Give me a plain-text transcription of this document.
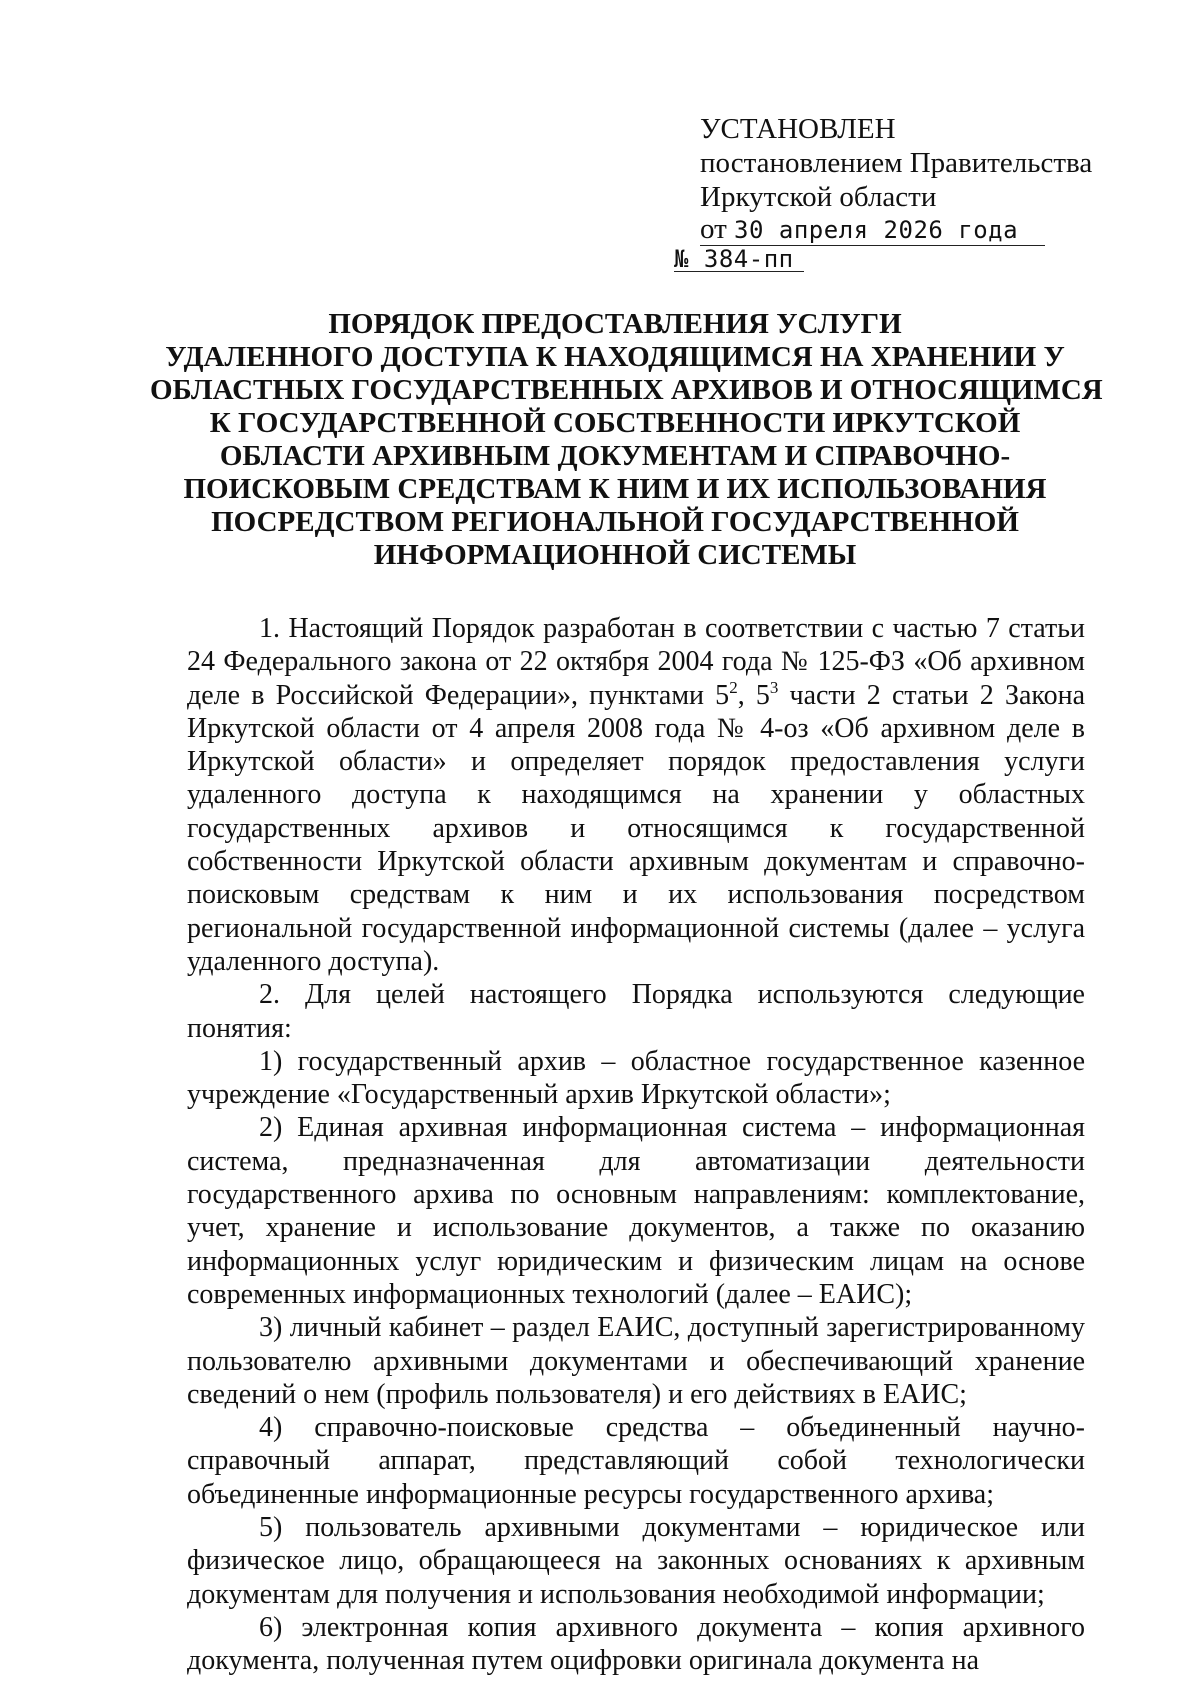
УСТАНОВЛЕН
постановлением Правительства
Иркутской области
от 30 апреля 2026 года
№ 384-пп
ПОРЯДОК ПРЕДОСТАВЛЕНИЯ УСЛУГИ
УДАЛЕННОГО ДОСТУПА К НАХОДЯЩИМСЯ НА ХРАНЕНИИ У
ОБЛАСТНЫХ ГОСУДАРСТВЕННЫХ АРХИВОВ И ОТНОСЯЩИМСЯ
К ГОСУДАРСТВЕННОЙ СОБСТВЕННОСТИ ИРКУТСКОЙ
ОБЛАСТИ АРХИВНЫМ ДОКУМЕНТАМ И СПРАВОЧНО-
ПОИСКОВЫМ СРЕДСТВАМ К НИМ И ИХ ИСПОЛЬЗОВАНИЯ
ПОСРЕДСТВОМ РЕГИОНАЛЬНОЙ ГОСУДАРСТВЕННОЙ
ИНФОРМАЦИОННОЙ СИСТЕМЫ

1. Настоящий Порядок разработан в соответствии с частью 7 статьи 24 Федерального закона от 22 октября 2004 года № 125-ФЗ «Об архивном деле в Российской Федерации», пунктами $5^2$, $5^3$ части 2 статьи 2 Закона Иркутской области от 4 апреля 2008 года № 4-оз «Об архивном деле в Иркутской области» и определяет порядок предоставления услуги удаленного доступа к находящимся на хранении у областных государственных архивов и относящимся к государственной собственности Иркутской области архивным документам и справочно-поисковым средствам к ним и их использования посредством региональной государственной информационной системы (далее – услуга удаленного доступа).

2. Для целей настоящего Порядка используются следующие понятия:

1) государственный архив – областное государственное казенное учреждение «Государственный архив Иркутской области»;

2) Единая архивная информационная система – информационная система, предназначенная для автоматизации деятельности государственного архива по основным направлениям: комплектование, учет, хранение и использование документов, а также по оказанию информационных услуг юридическим и физическим лицам на основе современных информационных технологий (далее – ЕАИС);

3) личный кабинет – раздел ЕАИС, доступный зарегистрированному пользователю архивными документами и обеспечивающий хранение сведений о нем (профиль пользователя) и его действиях в ЕАИС;

4) справочно-поисковые средства – объединенный научно-справочный аппарат, представляющий собой технологически объединенные информационные ресурсы государственного архива;

5) пользователь архивными документами – юридическое или физическое лицо, обращающееся на законных основаниях к архивным документам для получения и использования необходимой информации;

6) электронная копия архивного документа – копия архивного документа, полученная путем оцифровки оригинала документа на
